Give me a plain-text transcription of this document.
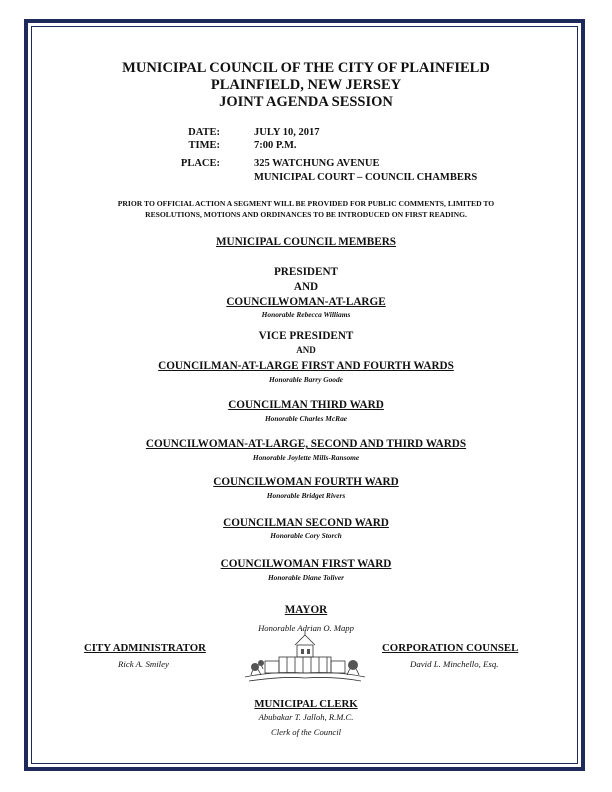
MUNICIPAL COUNCIL OF THE CITY OF PLAINFIELD
PLAINFIELD, NEW JERSEY
JOINT AGENDA SESSION
DATE:	JULY 10, 2017
TIME:	7:00 P.M.
PLACE:	325 WATCHUNG AVENUE
MUNICIPAL COURT – COUNCIL CHAMBERS
PRIOR TO OFFICIAL ACTION A SEGMENT WILL BE PROVIDED FOR PUBLIC COMMENTS, LIMITED TO
RESOLUTIONS, MOTIONS AND ORDINANCES TO BE INTRODUCED ON FIRST READING.
MUNICIPAL COUNCIL MEMBERS
PRESIDENT
AND
COUNCILWOMAN-AT-LARGE
Honorable Rebecca Williams
VICE PRESIDENT
AND
COUNCILMAN-AT-LARGE FIRST AND FOURTH WARDS
Honorable Barry Goode
COUNCILMAN THIRD WARD
Honorable Charles McRae
COUNCILWOMAN-AT-LARGE, SECOND AND THIRD WARDS
Honorable Joylette Mills-Ransome
COUNCILWOMAN FOURTH WARD
Honorable Bridget Rivers
COUNCILMAN SECOND WARD
Honorable Cory Storch
COUNCILWOMAN FIRST WARD
Honorable Diane Toliver
MAYOR
Honorable Adrian O. Mapp
CITY ADMINISTRATOR
Rick A. Smiley
CORPORATION COUNSEL
David L. Minchello, Esq.
MUNICIPAL CLERK
Abubakar T. Jalloh, R.M.C.
Clerk of the Council
